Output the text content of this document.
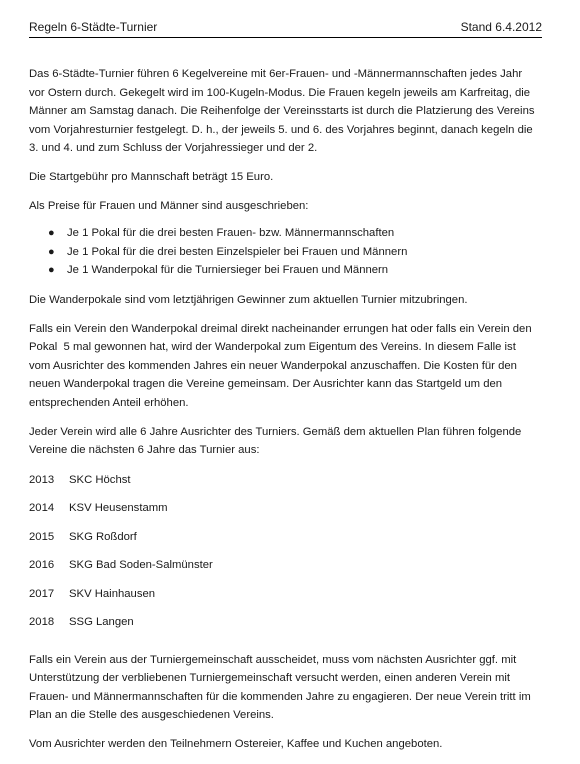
Regeln 6-Städte-Turnier	Stand 6.4.2012

Das 6-Städte-Turnier führen 6 Kegelvereine mit 6er-Frauen- und -Männermannschaften jedes Jahr
vor Ostern durch. Gekegelt wird im 100-Kugeln-Modus. Die Frauen kegeln jeweils am Karfreitag, die
Männer am Samstag danach. Die Reihenfolge der Vereinsstarts ist durch die Platzierung des Vereins
vom Vorjahresturnier festgelegt. D. h., der jeweils 5. und 6. des Vorjahres beginnt, danach kegeln die
3. und 4. und zum Schluss der Vorjahressieger und der 2.

Die Startgebühr pro Mannschaft beträgt 15 Euro.

Als Preise für Frauen und Männer sind ausgeschrieben:

● Je 1 Pokal für die drei besten Frauen- bzw. Männermannschaften
● Je 1 Pokal für die drei besten Einzelspieler bei Frauen und Männern
● Je 1 Wanderpokal für die Turniersieger bei Frauen und Männern

Die Wanderpokale sind vom letztjährigen Gewinner zum aktuellen Turnier mitzubringen.

Falls ein Verein den Wanderpokal dreimal direkt nacheinander errungen hat oder falls ein Verein den
Pokal  5 mal gewonnen hat, wird der Wanderpokal zum Eigentum des Vereins. In diesem Falle ist
vom Ausrichter des kommenden Jahres ein neuer Wanderpokal anzuschaffen. Die Kosten für den
neuen Wanderpokal tragen die Vereine gemeinsam. Der Ausrichter kann das Startgeld um den
entsprechenden Anteil erhöhen.

Jeder Verein wird alle 6 Jahre Ausrichter des Turniers. Gemäß dem aktuellen Plan führen folgende
Vereine die nächsten 6 Jahre das Turnier aus:

2013	SKC Höchst
2014	KSV Heusenstamm
2015	SKG Roßdorf
2016	SKG Bad Soden-Salmünster
2017	SKV Hainhausen
2018	SSG Langen

Falls ein Verein aus der Turniergemeinschaft ausscheidet, muss vom nächsten Ausrichter ggf. mit
Unterstützung der verbliebenen Turniergemeinschaft versucht werden, einen anderen Verein mit
Frauen- und Männermannschaften für die kommenden Jahre zu engagieren. Der neue Verein tritt im
Plan an die Stelle des ausgeschiedenen Vereins.

Vom Ausrichter werden den Teilnehmern Ostereier, Kaffee und Kuchen angeboten.
